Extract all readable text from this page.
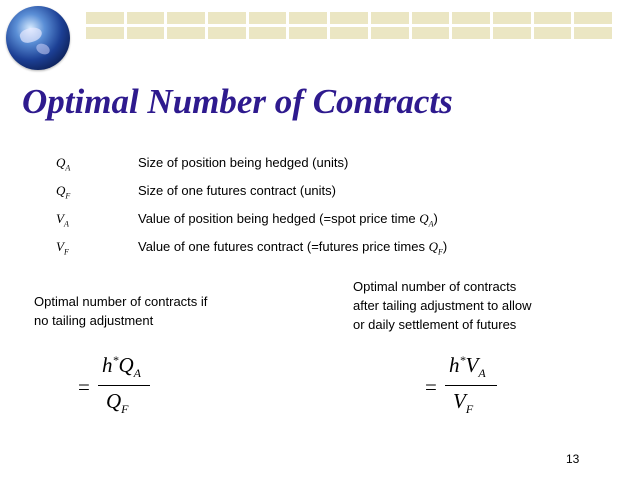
Optimal Number of Contracts
$Q_A$	Size of position being hedged (units)
$Q_F$	Size of one futures contract (units)
$V_A$	Value of position being hedged (=spot price time $Q_A$)
$V_F$	Value of one futures contract (=futures price times $Q_F$)
Optimal number of contracts if
no tailing adjustment
Optimal number of contracts
after tailing adjustment to allow
or daily settlement of futures
=
$h^*Q_A$
$Q_F$
=
$h^*V_A$
$V_F$
13
